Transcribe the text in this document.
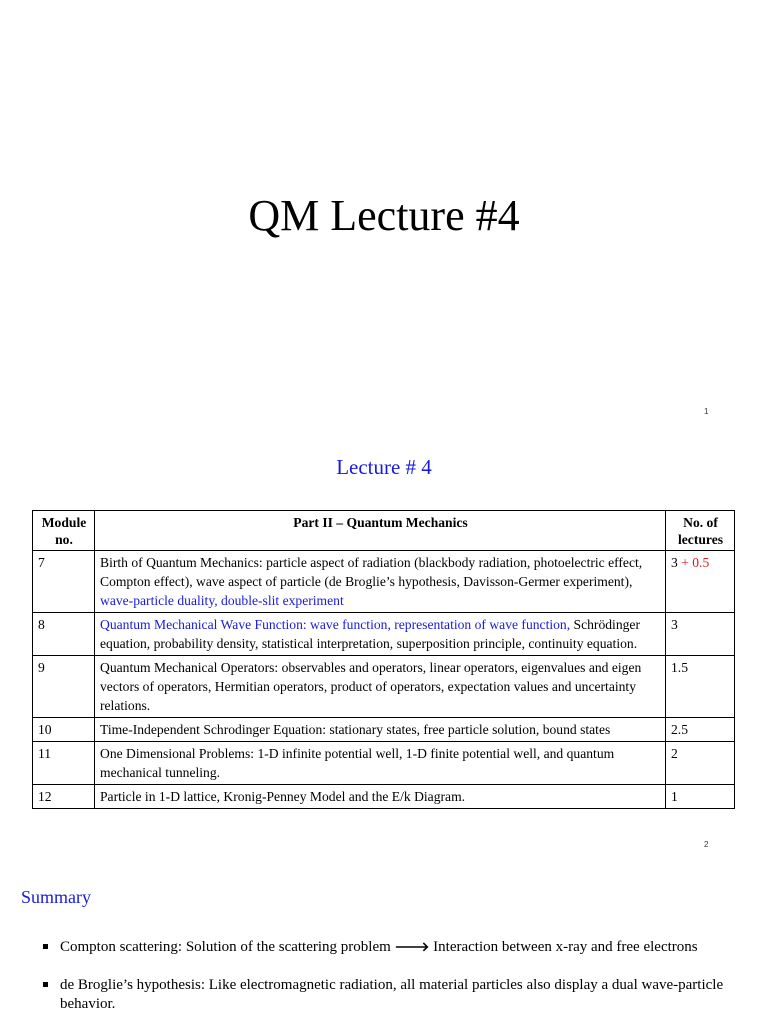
QM Lecture #4
1
Lecture # 4
Module no.	Part II – Quantum Mechanics	No. of lectures
7	Birth of Quantum Mechanics: particle aspect of radiation (blackbody radiation, photoelectric effect, Compton effect), wave aspect of particle (de Broglie’s hypothesis, Davisson-Germer experiment), wave-particle duality, double-slit experiment	3 + 0.5
8	Quantum Mechanical Wave Function: wave function, representation of wave function, Schrödinger equation, probability density, statistical interpretation, superposition principle, continuity equation.	3
9	Quantum Mechanical Operators: observables and operators, linear operators, eigenvalues and eigen vectors of operators, Hermitian operators, product of operators, expectation values and uncertainty relations.	1.5
10	Time-Independent Schrodinger Equation: stationary states, free particle solution, bound states	2.5
11	One Dimensional Problems: 1-D infinite potential well, 1-D finite potential well, and quantum mechanical tunneling.	2
12	Particle in 1-D lattice, Kronig-Penney Model and the E/k Diagram.	1
2
Summary
Compton scattering: Solution of the scattering problem 🡒 Interaction between x-ray and free electrons
de Broglie’s hypothesis: Like electromagnetic radiation, all material particles also display a dual wave-particle behavior.
